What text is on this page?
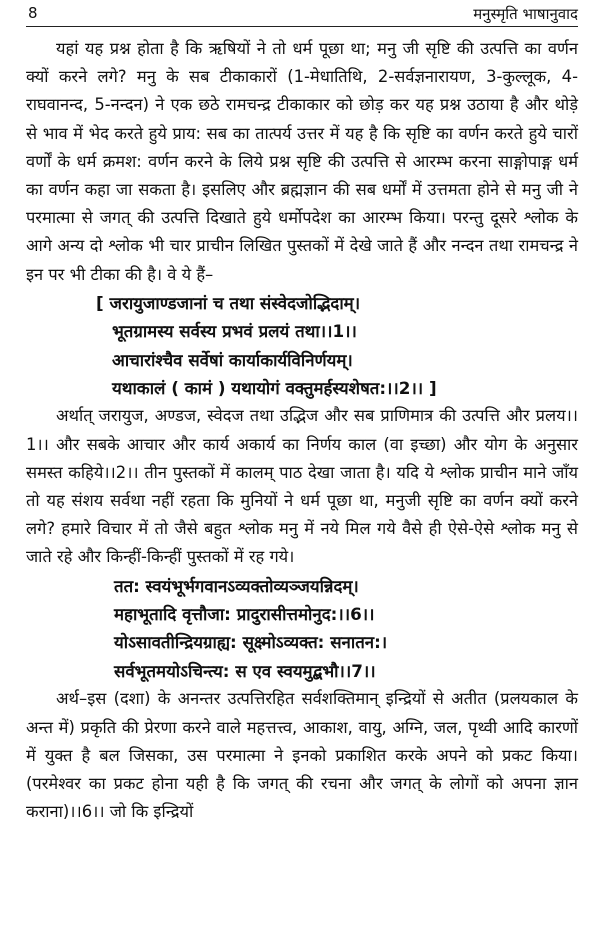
8	मनुस्मृति भाषानुवाद

यहां यह प्रश्न होता है कि ऋषियों ने तो धर्म पूछा था; मनु जी सृष्टि की उत्पत्ति का वर्णन क्यों करने लगे? मनु के सब टीकाकारों (1-मेधातिथि, 2-सर्वज्ञनारायण, 3-कुल्लूक, 4-राघवानन्द, 5-नन्दन) ने एक छठे रामचन्द्र टीकाकार को छोड़ कर यह प्रश्न उठाया है और थोड़े से भाव में भेद करते हुये प्राय: सब का तात्पर्य उत्तर में यह है कि सृष्टि का वर्णन करते हुये चारों वर्णों के धर्म क्रमश: वर्णन करने के लिये प्रश्न सृष्टि की उत्पत्ति से आरम्भ करना साङ्गोपाङ्ग धर्म का वर्णन कहा जा सकता है। इसलिए और ब्रह्मज्ञान की सब धर्मों में उत्तमता होने से मनु जी ने परमात्मा से जगत् की उत्पत्ति दिखाते हुये धर्मोपदेश का आरम्भ किया। परन्तु दूसरे श्लोक के आगे अन्य दो श्लोक भी चार प्राचीन लिखित पुस्तकों में देखे जाते हैं और नन्दन तथा रामचन्द्र ने इन पर भी टीका की है। वे ये हैं–

[ जरायुजाण्डजानां च तथा संस्वेदजोद्भिदाम्।
भूतग्रामस्य सर्वस्य प्रभवं प्रलयं तथा।।1।।
आचारांश्चैव सर्वेषां कार्याकार्यविनिर्णयम्।
यथाकालं ( कामं ) यथायोगं वक्तुमर्हस्यशेषत:।।2।। ]

अर्थात् जरायुज, अण्डज, स्वेदज तथा उद्भिज और सब प्राणिमात्र की उत्पत्ति और प्रलय।।1।। और सबके आचार और कार्य अकार्य का निर्णय काल (वा इच्छा) और योग के अनुसार समस्त कहिये।।2।। तीन पुस्तकों में कालम् पाठ देखा जाता है। यदि ये श्लोक प्राचीन माने जाँय तो यह संशय सर्वथा नहीं रहता कि मुनियों ने धर्म पूछा था, मनुजी सृष्टि का वर्णन क्यों करने लगे? हमारे विचार में तो जैसे बहुत श्लोक मनु में नये मिल गये वैसे ही ऐसे-ऐसे श्लोक मनु से जाते रहे और किन्हीं-किन्हीं पुस्तकों में रह गये।

तत: स्वयंभूर्भगवानऽव्यक्तोव्यञ्जयन्निदम्।
महाभूतादि वृत्तौजा: प्रादुरासीत्तमोनुद:।।6।।
योऽसावतीन्द्रियग्राह्य: सूक्ष्मोऽव्यक्त: सनातन:।
सर्वभूतमयोऽचिन्त्य: स एव स्वयमुद्बभौ।।7।।

अर्थ–इस (दशा) के अनन्तर उत्पत्तिरहित सर्वशक्तिमान् इन्द्रियों से अतीत (प्रलयकाल के अन्त में) प्रकृति की प्रेरणा करने वाले महत्तत्त्व, आकाश, वायु, अग्नि, जल, पृथ्वी आदि कारणों में युक्त है बल जिसका, उस परमात्मा ने इनको प्रकाशित करके अपने को प्रकट किया। (परमेश्वर का प्रकट होना यही है कि जगत् की रचना और जगत् के लोगों को अपना ज्ञान कराना)।।6।। जो कि इन्द्रियों
